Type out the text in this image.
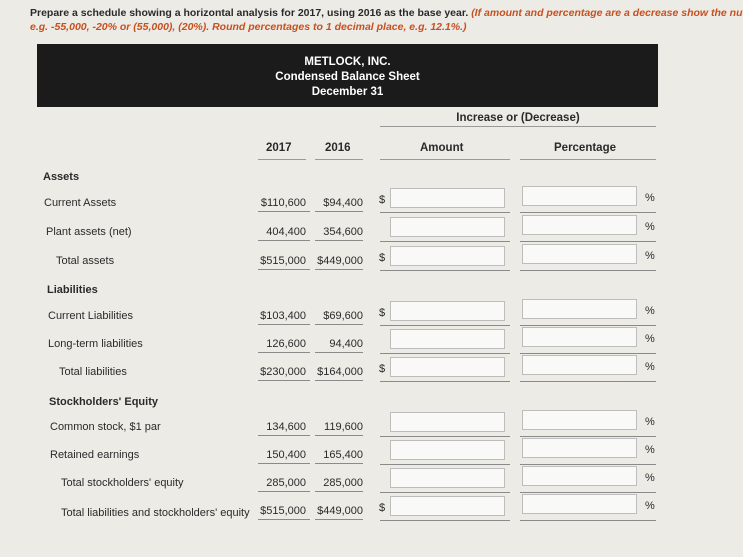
Prepare a schedule showing a horizontal analysis for 2017, using 2016 as the base year. (If amount and percentage are a decrease show the nu
e.g. -55,000, -20% or (55,000), (20%). Round percentages to 1 decimal place, e.g. 12.1%.)
METLOCK, INC.
Condensed Balance Sheet
December 31
Increase or (Decrease)
2017	2016	Amount	Percentage
Assets
Liabilities
Stockholders' Equity
Current Assets	$110,600	$94,400 $	%
Plant assets (net)	404,400	354,600	%
Total assets	$515,000	$449,000 $	%
Current Liabilities	$103,400	$69,600 $	%
Long-term liabilities	126,600	94,400	%
Total liabilities	$230,000	$164,000 $	%
Common stock, $1 par	134,600	119,600	%
Retained earnings	150,400	165,400	%
Total stockholders' equity	285,000	285,000	%
Total liabilities and stockholders' equity $515,000	$449,000 $	%
